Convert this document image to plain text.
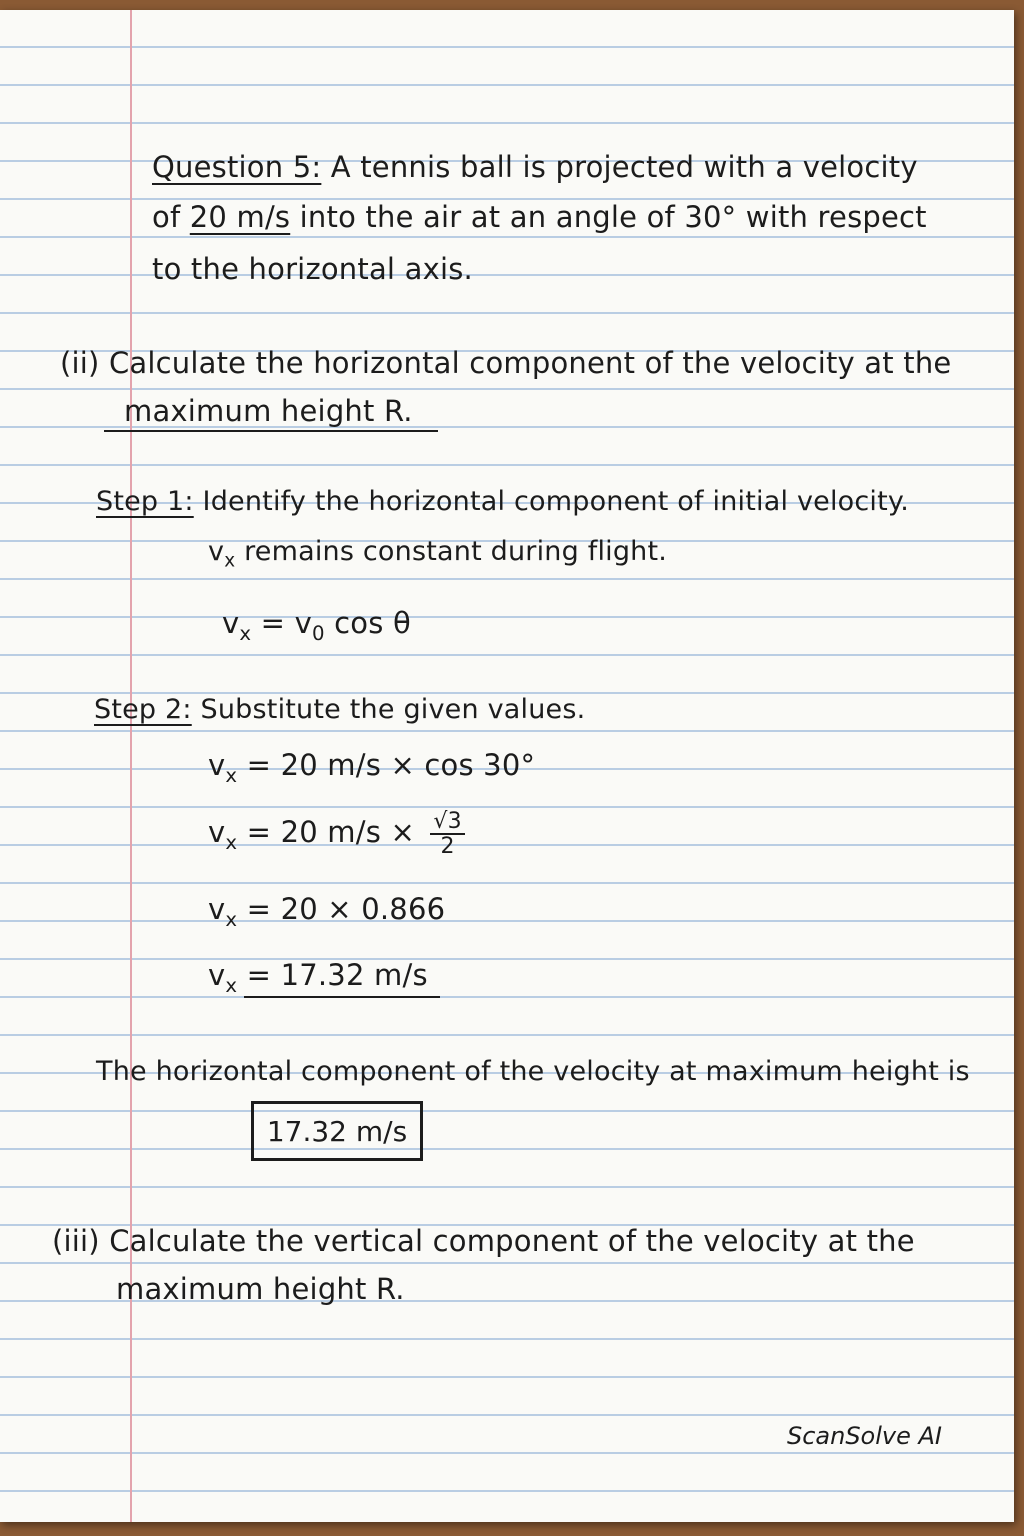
Question 5: A tennis ball is projected with a velocity
of 20 m/s into the air at an angle of 30° with respect
to the horizontal axis.
(ii) Calculate the horizontal component of the velocity at the
maximum height R.
Step 1: Identify the horizontal component of initial velocity.
$v_x$ remains constant during flight.
$v_x = v_0$ cos θ
Step 2: Substitute the given values.
$v_x = 20$ m/s × cos 30°
$v_x = 20$ $m/s \times \frac{√3}{2}$
$v_x = 20 \times 0.866$
$v_x = 17.32$ m/s
The horizontal component of the velocity at maximum height is
17.32 m/s
(iii) Calculate the vertical component of the velocity at the
maximum height R.
ScanSolve AI
